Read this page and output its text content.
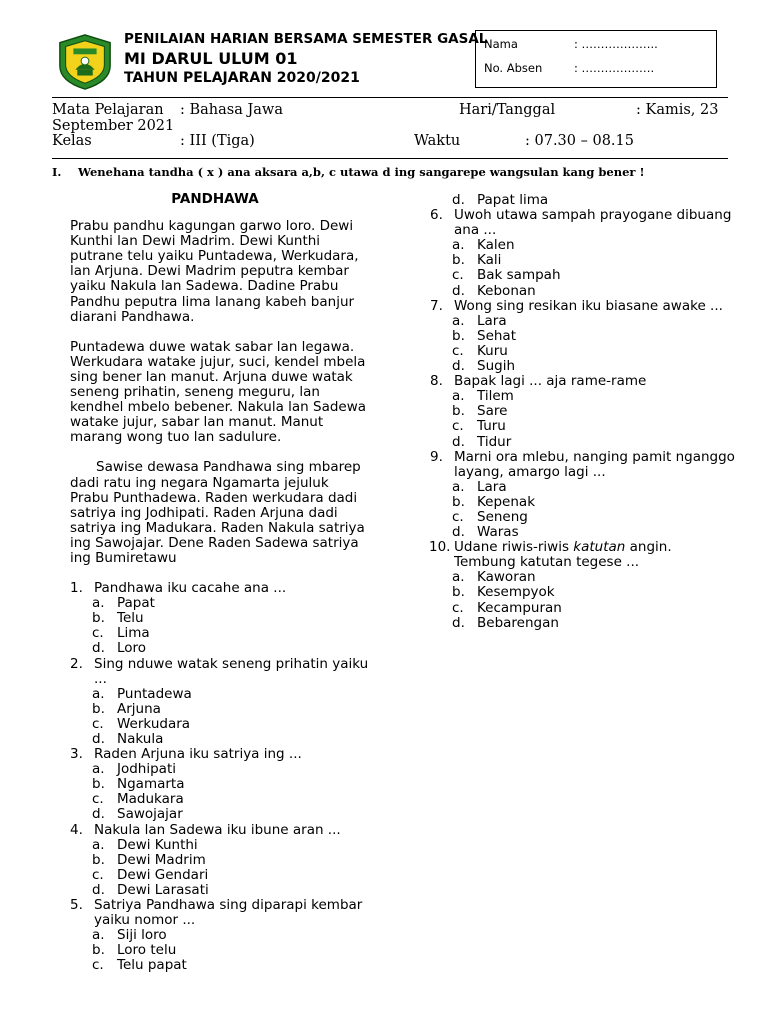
PENILAIAN HARIAN BERSAMA SEMESTER GASAL
MI DARUL ULUM 01
TAHUN PELAJARAN 2020/2021
Nama	: ………………..
No. Absen	: ……………….
Mata Pelajaran : Bahasa Jawa	Hari/Tanggal	: Kamis, 23
September 2021
Kelas	: III (Tiga)	Waktu	: 07.30 – 08.15
I. Wenehana tandha ( x ) ana aksara a,b, c utawa d ing sangarepe wangsulan kang bener !
PANDHAWA

Prabu pandhu kagungan garwo loro. Dewi Kunthi lan Dewi Madrim. Dewi Kunthi putrane telu yaiku Puntadewa, Werkudara, lan Arjuna. Dewi Madrim peputra kembar yaiku Nakula lan Sadewa. Dadine Prabu Pandhu peputra lima lanang kabeh banjur diarani Pandhawa.

Puntadewa duwe watak sabar lan legawa. Werkudara watake jujur, suci, kendel mbela sing bener lan manut. Arjuna duwe watak seneng prihatin, seneng meguru, lan kendhel mbelo bebener. Nakula lan Sadewa watake jujur, sabar lan manut. Manut marang wong tuo lan sadulure.

Sawise dewasa Pandhawa sing mbarep dadi ratu ing negara Ngamarta jejuluk Prabu Punthadewa. Raden werkudara dadi satriya ing Jodhipati. Raden Arjuna dadi satriya ing Madukara. Raden Nakula satriya ing Sawojajar. Dene Raden Sadewa satriya ing Bumiretawu

1. Pandhawa iku cacahe ana ...
a. Papat
b. Telu
c. Lima
d. Loro
2. Sing nduwe watak seneng prihatin yaiku ...
a. Puntadewa
b. Arjuna
c. Werkudara
d. Nakula
3. Raden Arjuna iku satriya ing ...
a. Jodhipati
b. Ngamarta
c. Madukara
d. Sawojajar
4. Nakula lan Sadewa iku ibune aran ...
a. Dewi Kunthi
b. Dewi Madrim
c. Dewi Gendari
d. Dewi Larasati
5. Satriya Pandhawa sing diparapi kembar yaiku nomor ...
a. Siji loro
b. Loro telu
c. Telu papat
d. Papat lima
6. Uwoh utawa sampah prayogane dibuang ana ...
a. Kalen
b. Kali
c. Bak sampah
d. Kebonan
7. Wong sing resikan iku biasane awake ...
a. Lara
b. Sehat
c. Kuru
d. Sugih
8. Bapak lagi ... aja rame-rame
a. Tilem
b. Sare
c. Turu
d. Tidur
9. Marni ora mlebu, nanging pamit nganggo layang, amargo lagi ...
a. Lara
b. Kepenak
c. Seneng
d. Waras
10. Udane riwis-riwis katutan angin.
Tembung katutan tegese ...
a. Kaworan
b. Kesempyok
c. Kecampuran
d. Bebarengan
